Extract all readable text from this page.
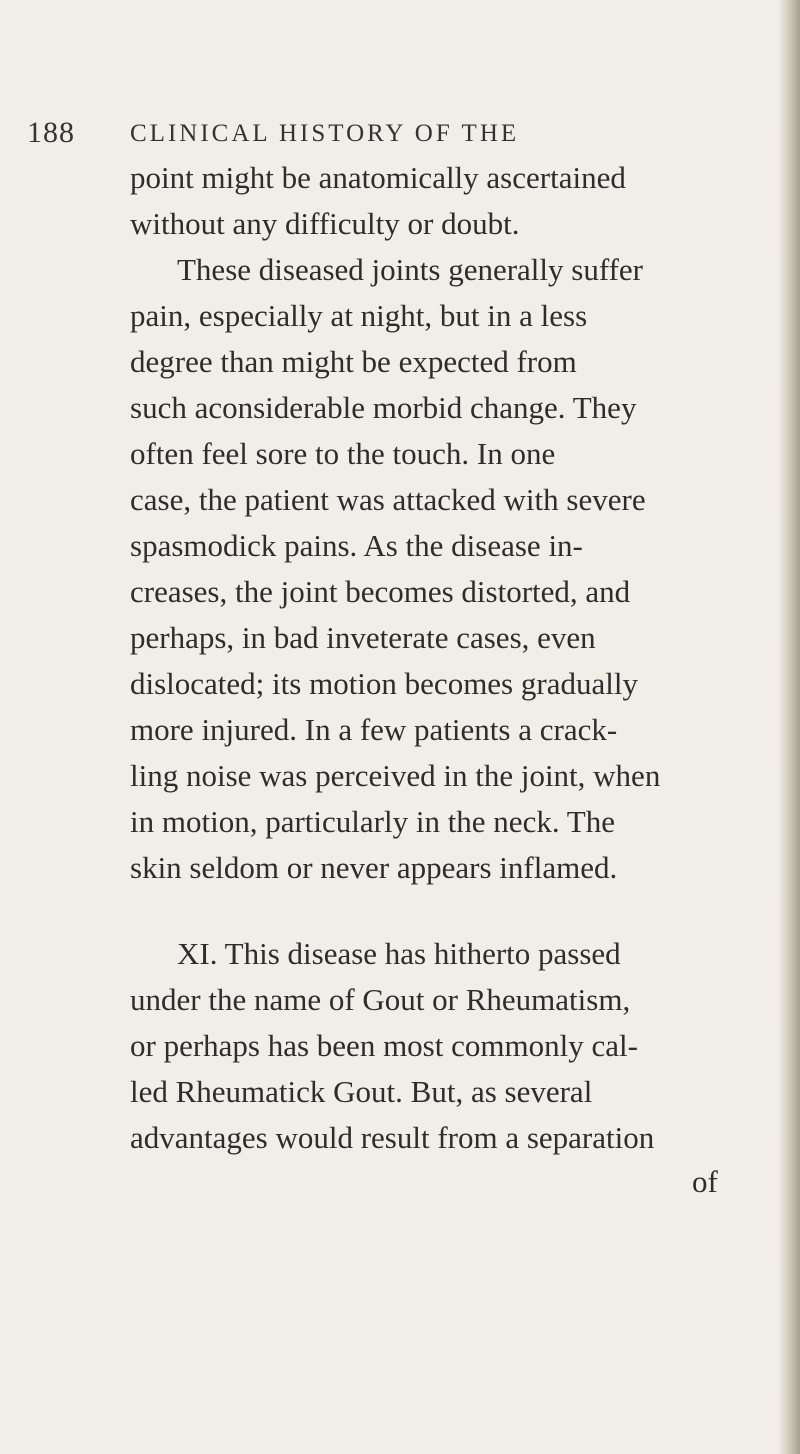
188 CLINICAL HISTORY OF THE
point might be anatomically ascertained
without any difficulty or doubt.
These diseased joints generally suffer
pain, especially at night, but in a less
degree than might be expected from
such aconsiderable morbid change. They
often feel sore to the touch. In one
case, the patient was attacked with severe
spasmodick pains. As the disease in-
creases, the joint becomes distorted, and
perhaps, in bad inveterate cases, even
dislocated; its motion becomes gradually
more injured. In a few patients a crack-
ling noise was perceived in the joint, when
in motion, particularly in the neck. The
skin seldom or never appears inflamed.
XI. This disease has hitherto passed
under the name of Gout or Rheumatism,
or perhaps has been most commonly cal-
led Rheumatick Gout. But, as several
advantages would result from a separation
of
